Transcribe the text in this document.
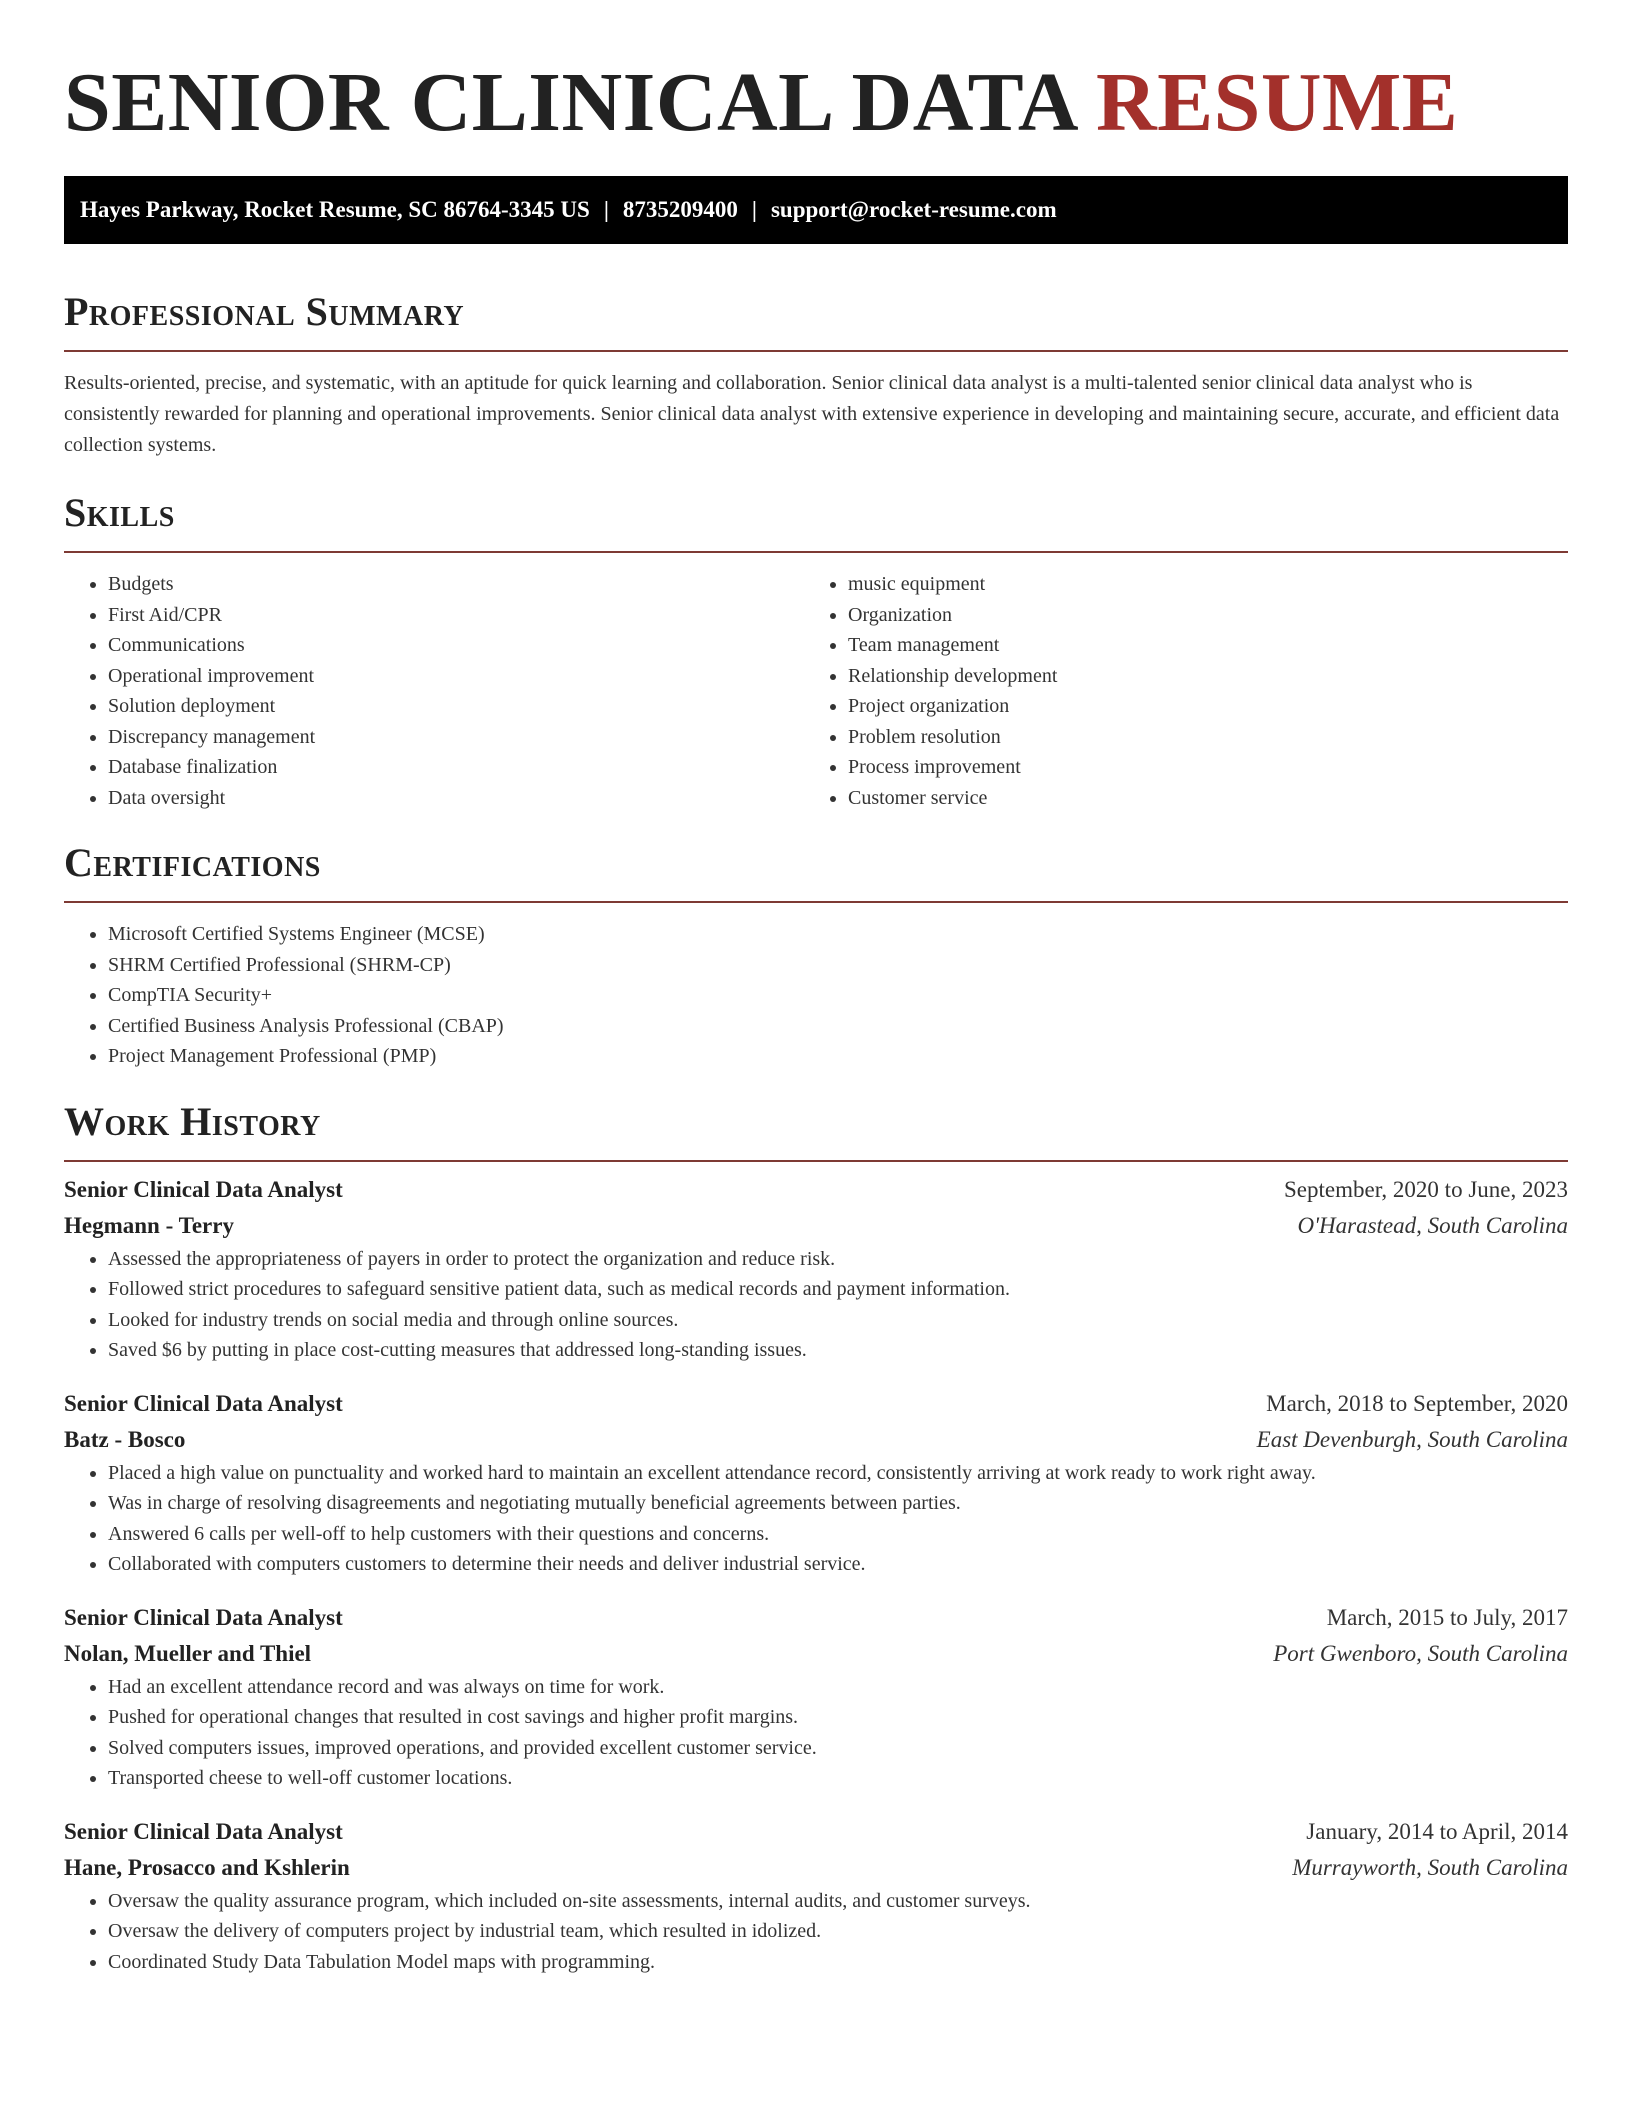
SENIOR CLINICAL DATA RESUME
Hayes Parkway, Rocket Resume, SC 86764-3345 US | 8735209400 | support@rocket-resume.com
Professional Summary

Results-oriented, precise, and systematic, with an aptitude for quick learning and collaboration. Senior clinical data analyst is a multi-talented senior clinical data analyst who is consistently rewarded for planning and operational improvements. Senior clinical data analyst with extensive experience in developing and maintaining secure, accurate, and efficient data collection systems.

Skills
• Budgets
• First Aid/CPR
• Communications
• Operational improvement
• Solution deployment
• Discrepancy management
• Database finalization
• Data oversight
• music equipment
• Organization
• Team management
• Relationship development
• Project organization
• Problem resolution
• Process improvement
• Customer service
Certifications
• Microsoft Certified Systems Engineer (MCSE)
• SHRM Certified Professional (SHRM-CP)
• CompTIA Security+
• Certified Business Analysis Professional (CBAP)
• Project Management Professional (PMP)
Work History
Senior Clinical Data Analyst	September, 2020 to June, 2023
Hegmann - Terry	O'Harastead, South Carolina
• Assessed the appropriateness of payers in order to protect the organization and reduce risk.
• Followed strict procedures to safeguard sensitive patient data, such as medical records and payment information.
• Looked for industry trends on social media and through online sources.
• Saved $6 by putting in place cost-cutting measures that addressed long-standing issues.
Senior Clinical Data Analyst	March, 2018 to September, 2020
Batz - Bosco	East Devenburgh, South Carolina
• Placed a high value on punctuality and worked hard to maintain an excellent attendance record, consistently arriving at work ready to work right away.
• Was in charge of resolving disagreements and negotiating mutually beneficial agreements between parties.
• Answered 6 calls per well-off to help customers with their questions and concerns.
• Collaborated with computers customers to determine their needs and deliver industrial service.
Senior Clinical Data Analyst	March, 2015 to July, 2017
Nolan, Mueller and Thiel	Port Gwenboro, South Carolina
• Had an excellent attendance record and was always on time for work.
• Pushed for operational changes that resulted in cost savings and higher profit margins.
• Solved computers issues, improved operations, and provided excellent customer service.
• Transported cheese to well-off customer locations.
Senior Clinical Data Analyst	January, 2014 to April, 2014
Hane, Prosacco and Kshlerin	Murrayworth, South Carolina
• Oversaw the quality assurance program, which included on-site assessments, internal audits, and customer surveys.
• Oversaw the delivery of computers project by industrial team, which resulted in idolized.
• Coordinated Study Data Tabulation Model maps with programming.
